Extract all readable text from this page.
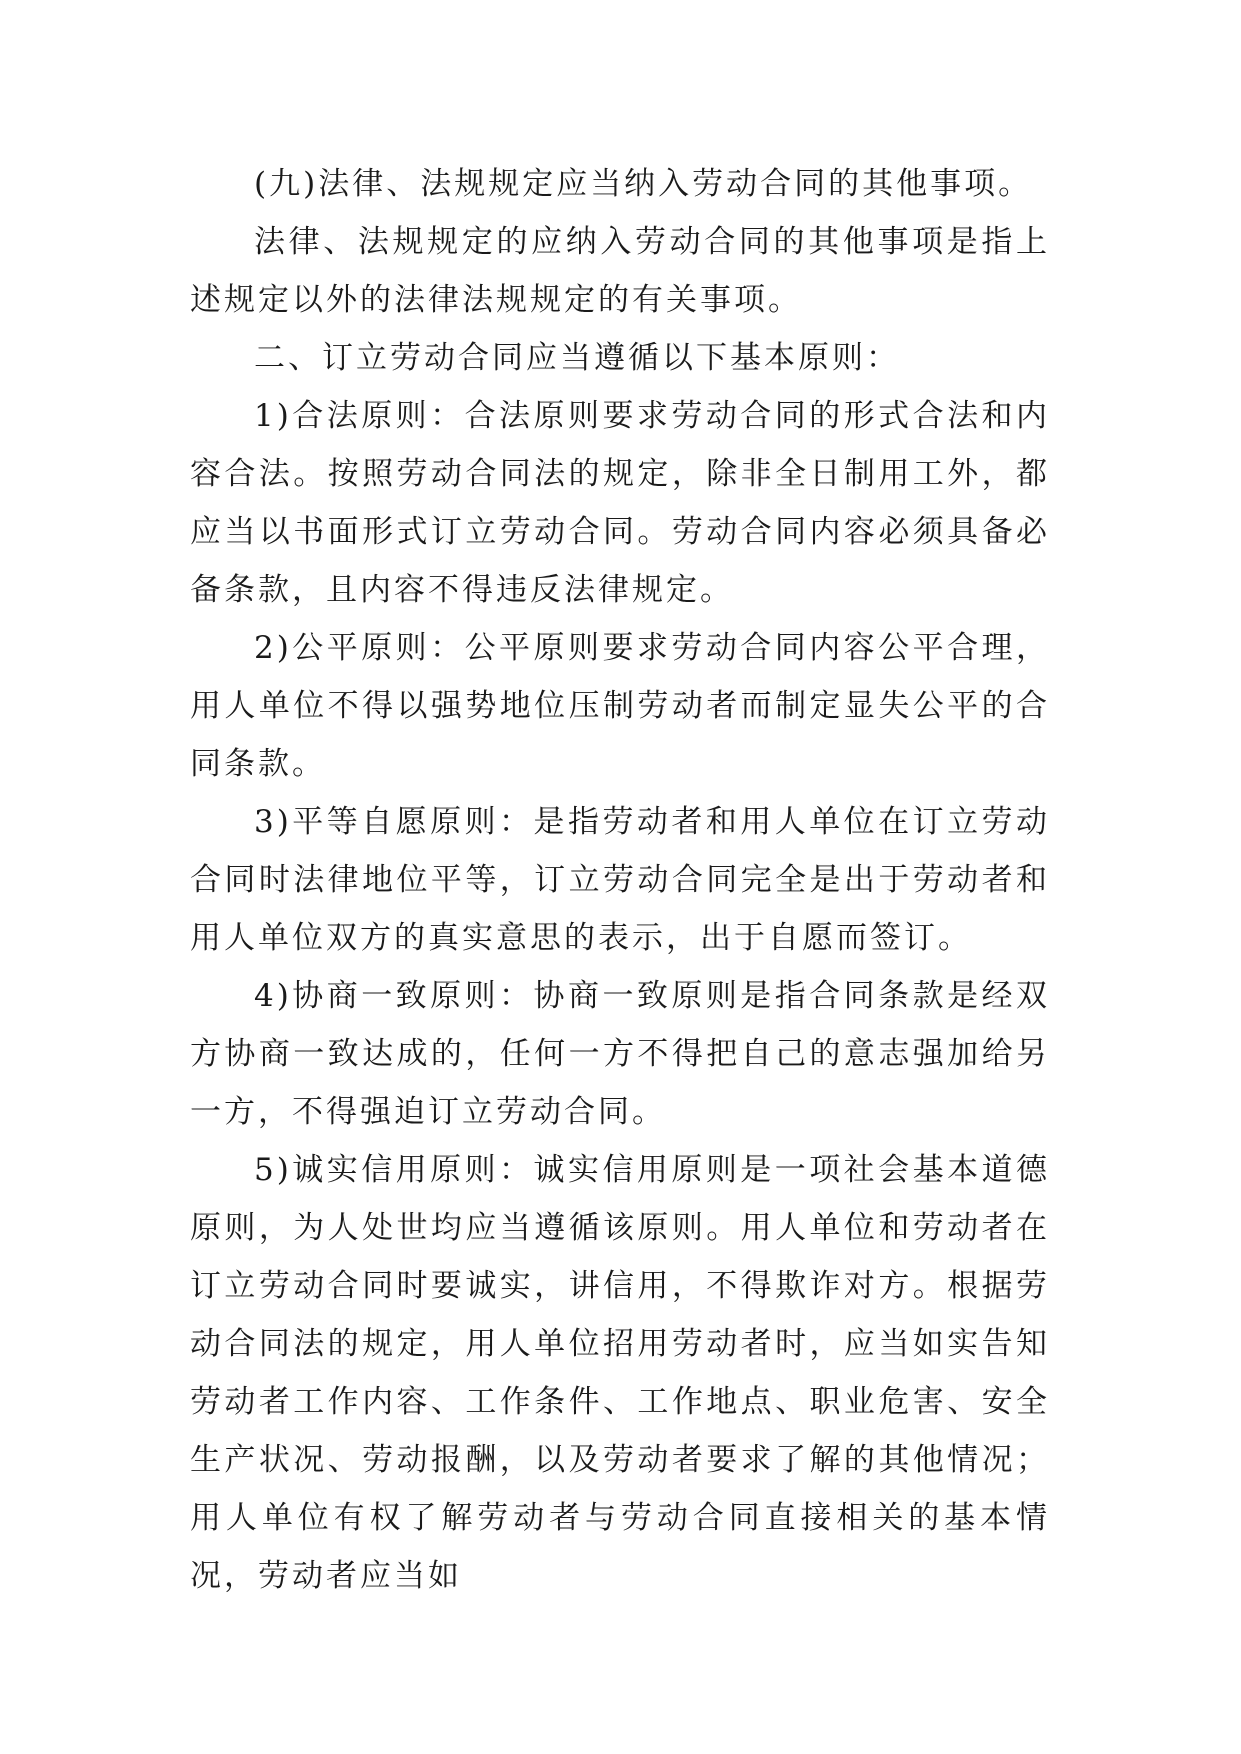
(九)法律、法规规定应当纳入劳动合同的其他事项。

法律、法规规定的应纳入劳动合同的其他事项是指上述规定以外的法律法规规定的有关事项。

二、订立劳动合同应当遵循以下基本原则：

1)合法原则：合法原则要求劳动合同的形式合法和内容合法。按照劳动合同法的规定，除非全日制用工外，都应当以书面形式订立劳动合同。劳动合同内容必须具备必备条款，且内容不得违反法律规定。

2)公平原则：公平原则要求劳动合同内容公平合理，用人单位不得以强势地位压制劳动者而制定显失公平的合同条款。

3)平等自愿原则：是指劳动者和用人单位在订立劳动合同时法律地位平等，订立劳动合同完全是出于劳动者和用人单位双方的真实意思的表示，出于自愿而签订。

4)协商一致原则：协商一致原则是指合同条款是经双方协商一致达成的，任何一方不得把自己的意志强加给另一方，不得强迫订立劳动合同。

5)诚实信用原则：诚实信用原则是一项社会基本道德原则，为人处世均应当遵循该原则。用人单位和劳动者在订立劳动合同时要诚实，讲信用，不得欺诈对方。根据劳动合同法的规定，用人单位招用劳动者时，应当如实告知劳动者工作内容、工作条件、工作地点、职业危害、安全生产状况、劳动报酬，以及劳动者要求了解的其他情况；用人单位有权了解劳动者与劳动合同直接相关的基本情况，劳动者应当如
